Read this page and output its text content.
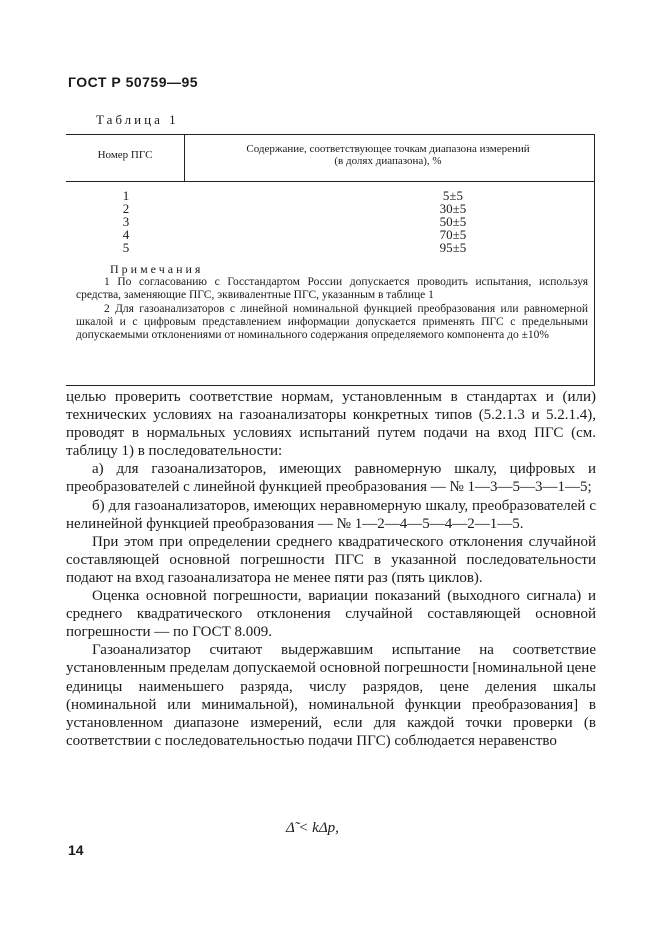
ГОСТ Р 50759—95
Таблица 1
Номер ПГС	Содержание, соответствующее точкам диапазона измерений
(в долях диапазона), %
1	5±5
2	30±5
3	50±5
4	70±5
5	95±5
Примечания

1 По согласованию с Госстандартом России допускается проводить испытания, используя средства, заменяющие ПГС, эквивалентные ПГС, указанным в таблице 1

2 Для газоанализаторов с линейной номинальной функцией преобразования или равномерной шкалой и с цифровым представлением информации допускается применять ПГС с предельными допускаемыми отклонениями от номинального содержания определяемого компонента до ±10%

целью проверить соответствие нормам, установленным в стандартах и (или) технических условиях на газоанализаторы конкретных типов (5.2.1.3 и 5.2.1.4), проводят в нормальных условиях испытаний путем подачи на вход ПГС (см. таблицу 1) в последовательности:

а) для газоанализаторов, имеющих равномерную шкалу, цифровых и преобразователей с линейной функцией преобразования — № 1—3—5—3—1—5;

б) для газоанализаторов, имеющих неравномерную шкалу, преобразователей с нелинейной функцией преобразования — № 1—2—4—5—4—2—1—5.

При этом при определении среднего квадратического отклонения случайной составляющей основной погрешности ПГС в указанной последовательности подают на вход газоанализатора не менее пяти раз (пять циклов).

Оценка основной погрешности, вариации показаний (выходного сигнала) и среднего квадратического отклонения случайной составляющей основной погрешности — по ГОСТ 8.009.

Газоанализатор считают выдержавшим испытание на соответствие установленным пределам допускаемой основной погрешности [номинальной цене единицы наименьшего разряда, числу разрядов, цене деления шкалы (номинальной или минимальной), номинальной функции преобразования] в установленном диапазоне измерений, если для каждой точки проверки (в соответствии с последовательностью подачи ПГС) соблюдается неравенство

Δ̃ < kΔp,
14
